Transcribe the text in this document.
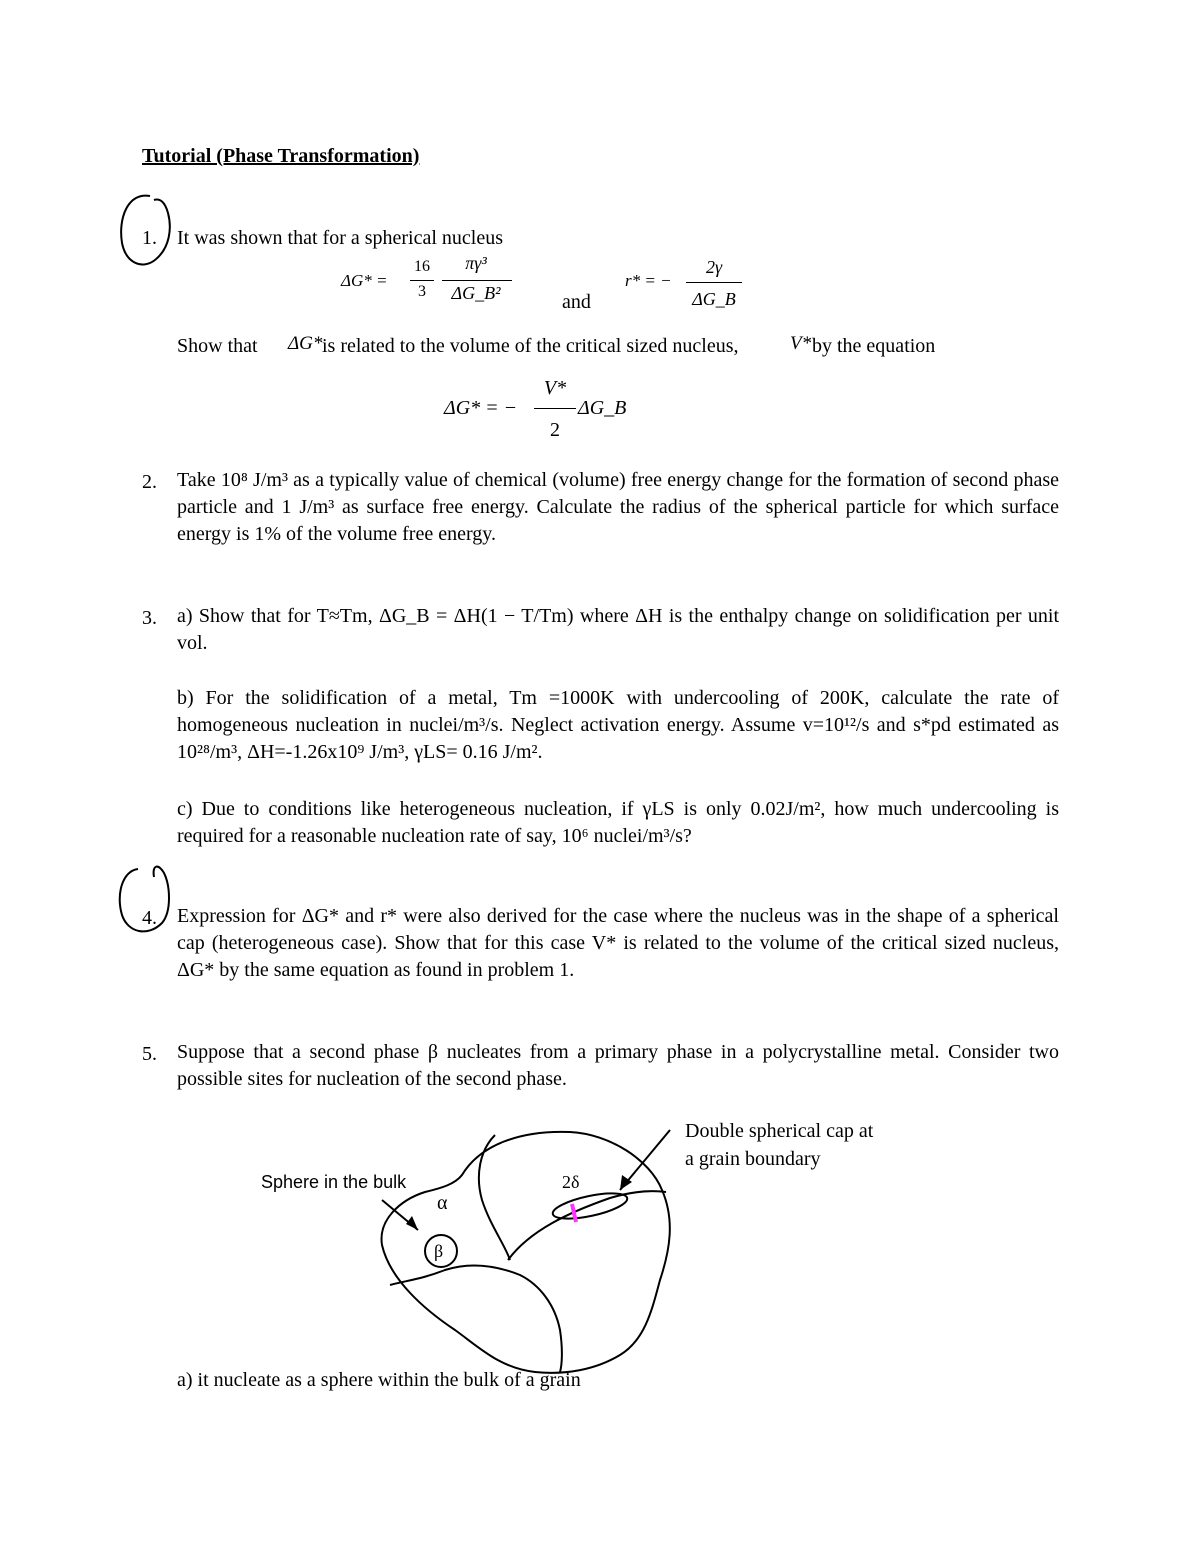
Tutorial (Phase Transformation)
1. It was shown that for a spherical nucleus
ΔG* =
16
3
πγ³
ΔG_B²	and
r* = −
2γ
ΔG_B
Show that ΔG* is related to the volume of the critical sized nucleus,	V* by the equation
ΔG* = −
V*
2
ΔG_B
2. Take 10⁸ J/m³ as a typically value of chemical (volume) free energy change for the formation of second phase particle and 1 J/m³ as surface free energy. Calculate the radius of the spherical particle for which surface energy is 1% of the volume free energy.
3. a) Show that for T≈Tm, ΔG_B = ΔH(1 − T/Tm) where ΔH is the enthalpy change on solidification per unit vol.
b) For the solidification of a metal, Tm =1000K with undercooling of 200K, calculate the rate of homogeneous nucleation in nuclei/m³/s. Neglect activation energy. Assume v=10¹²/s and s*pd estimated as 10²⁸/m³, ΔH=-1.26x10⁹ J/m³, γLS= 0.16 J/m².
c) Due to conditions like heterogeneous nucleation, if γLS is only 0.02J/m², how much undercooling is required for a reasonable nucleation rate of say, 10⁶ nuclei/m³/s?
4. Expression for ΔG* and r* were also derived for the case where the nucleus was in the shape of a spherical cap (heterogeneous case). Show that for this case V* is related to the volume of the critical sized nucleus, ΔG* by the same equation as found in problem 1.
5. Suppose that a second phase β nucleates from a primary phase in a polycrystalline metal. Consider two possible sites for nucleation of the second phase.
Sphere in the bulk
Double spherical cap at
a grain boundary
α
β
2δ
a) it nucleate as a sphere within the bulk of a grain
